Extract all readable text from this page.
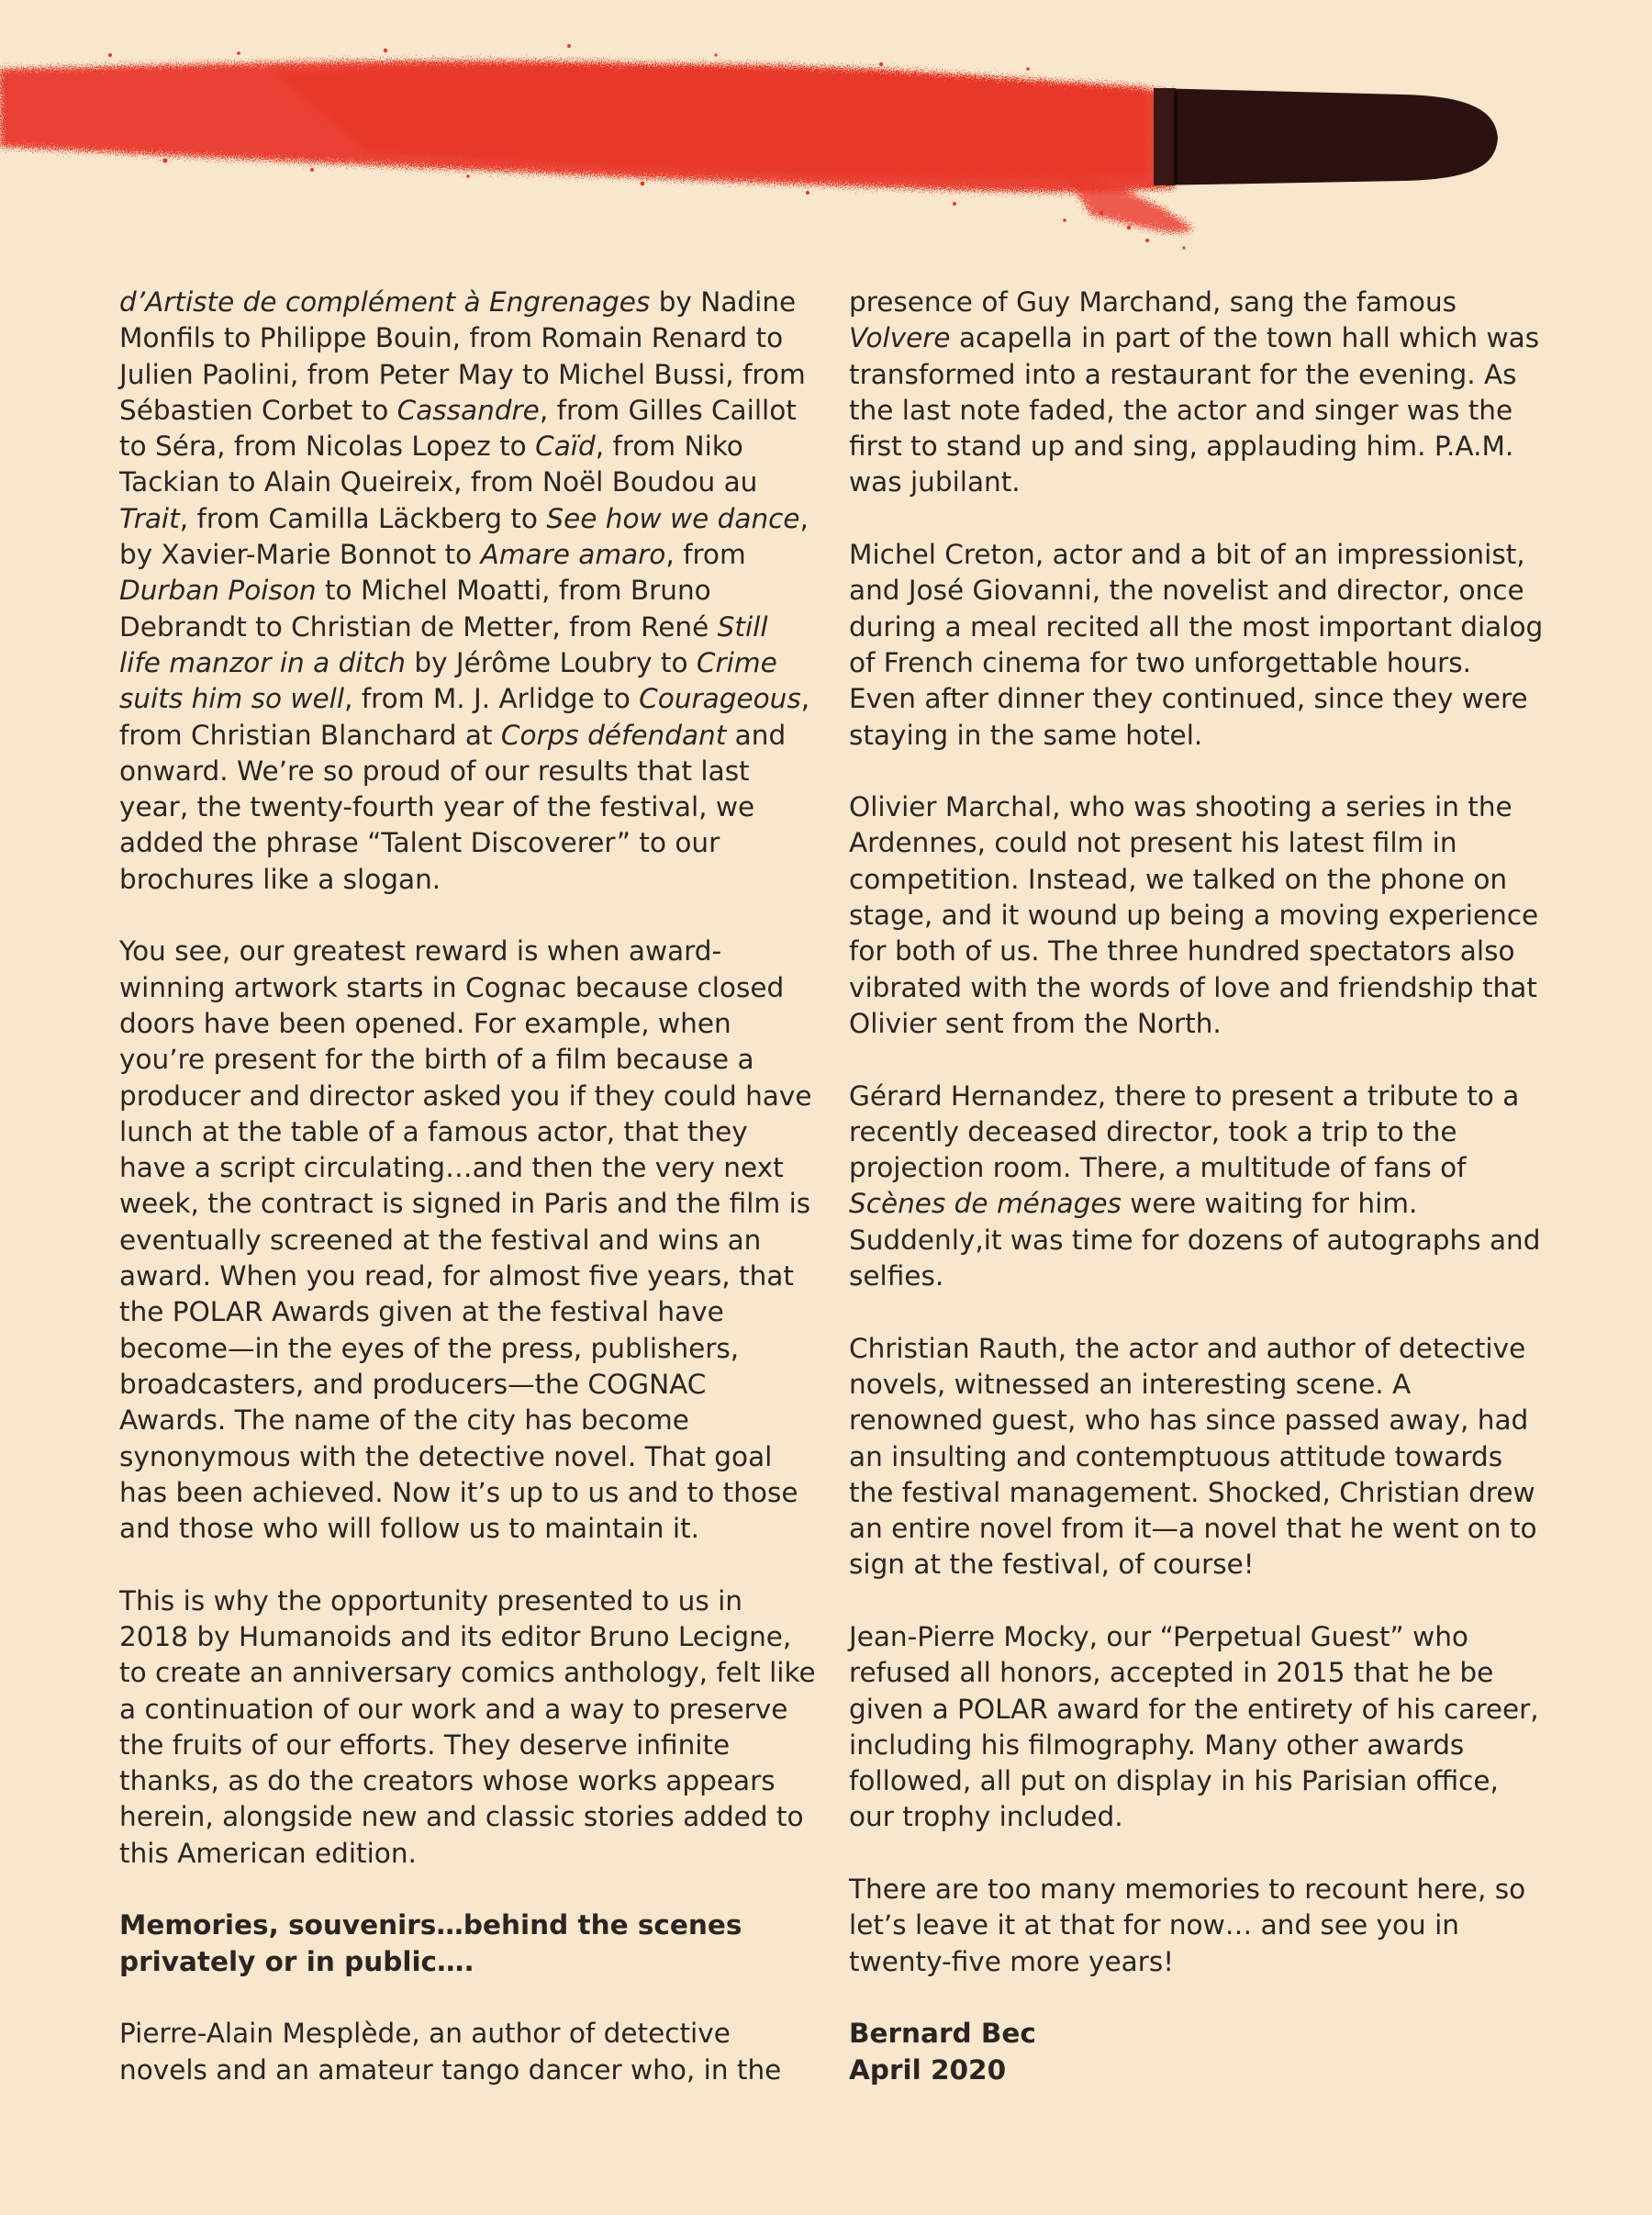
d’Artiste de complément à Engrenages by Nadine Monfils to Philippe Bouin, from Romain Renard to Julien Paolini, from Peter May to Michel Bussi, from Sébastien Corbet to Cassandre, from Gilles Caillot to Séra, from Nicolas Lopez to Caïd, from Niko Tackian to Alain Queireix, from Noël Boudou au Trait, from Camilla Läckberg to See how we dance, by Xavier-Marie Bonnot to Amare amaro, from Durban Poison to Michel Moatti, from Bruno Debrandt to Christian de Metter, from René Still life manzor in a ditch by Jérôme Loubry to Crime suits him so well, from M. J. Arlidge to Courageous, from Christian Blanchard at Corps défendant and onward. We’re so proud of our results that last year, the twenty-fourth year of the festival, we added the phrase “Talent Discoverer” to our brochures like a slogan.

You see, our greatest reward is when award-winning artwork starts in Cognac because closed doors have been opened. For example, when you’re present for the birth of a film because a producer and director asked you if they could have lunch at the table of a famous actor, that they have a script circulating…and then the very next week, the contract is signed in Paris and the film is eventually screened at the festival and wins an award. When you read, for almost five years, that the POLAR Awards given at the festival have become—in the eyes of the press, publishers, broadcasters, and producers—the COGNAC Awards. The name of the city has become synonymous with the detective novel. That goal has been achieved. Now it’s up to us and to those and those who will follow us to maintain it.

This is why the opportunity presented to us in 2018 by Humanoids and its editor Bruno Lecigne, to create an anniversary comics anthology, felt like a continuation of our work and a way to preserve the fruits of our efforts. They deserve infinite thanks, as do the creators whose works appears herein, alongside new and classic stories added to this American edition.

Memories, souvenirs…behind the scenes privately or in public….

Pierre-Alain Mesplède, an author of detective novels and an amateur tango dancer who, in the

presence of Guy Marchand, sang the famous Volvere acapella in part of the town hall which was transformed into a restaurant for the evening. As the last note faded, the actor and singer was the first to stand up and sing, applauding him. P.A.M. was jubilant.

Michel Creton, actor and a bit of an impressionist, and José Giovanni, the novelist and director, once during a meal recited all the most important dialog of French cinema for two unforgettable hours. Even after dinner they continued, since they were staying in the same hotel.

Olivier Marchal, who was shooting a series in the Ardennes, could not present his latest film in competition. Instead, we talked on the phone on stage, and it wound up being a moving experience for both of us. The three hundred spectators also vibrated with the words of love and friendship that Olivier sent from the North.

Gérard Hernandez, there to present a tribute to a recently deceased director, took a trip to the projection room. There, a multitude of fans of Scènes de ménages were waiting for him. Suddenly,it was time for dozens of autographs and selfies.

Christian Rauth, the actor and author of detective novels, witnessed an interesting scene. A renowned guest, who has since passed away, had an insulting and contemptuous attitude towards the festival management. Shocked, Christian drew an entire novel from it—a novel that he went on to sign at the festival, of course!

Jean-Pierre Mocky, our “Perpetual Guest” who refused all honors, accepted in 2015 that he be given a POLAR award for the entirety of his career, including his filmography. Many other awards followed, all put on display in his Parisian office, our trophy included.

There are too many memories to recount here, so let’s leave it at that for now… and see you in twenty-five more years!

Bernard Bec

April 2020
